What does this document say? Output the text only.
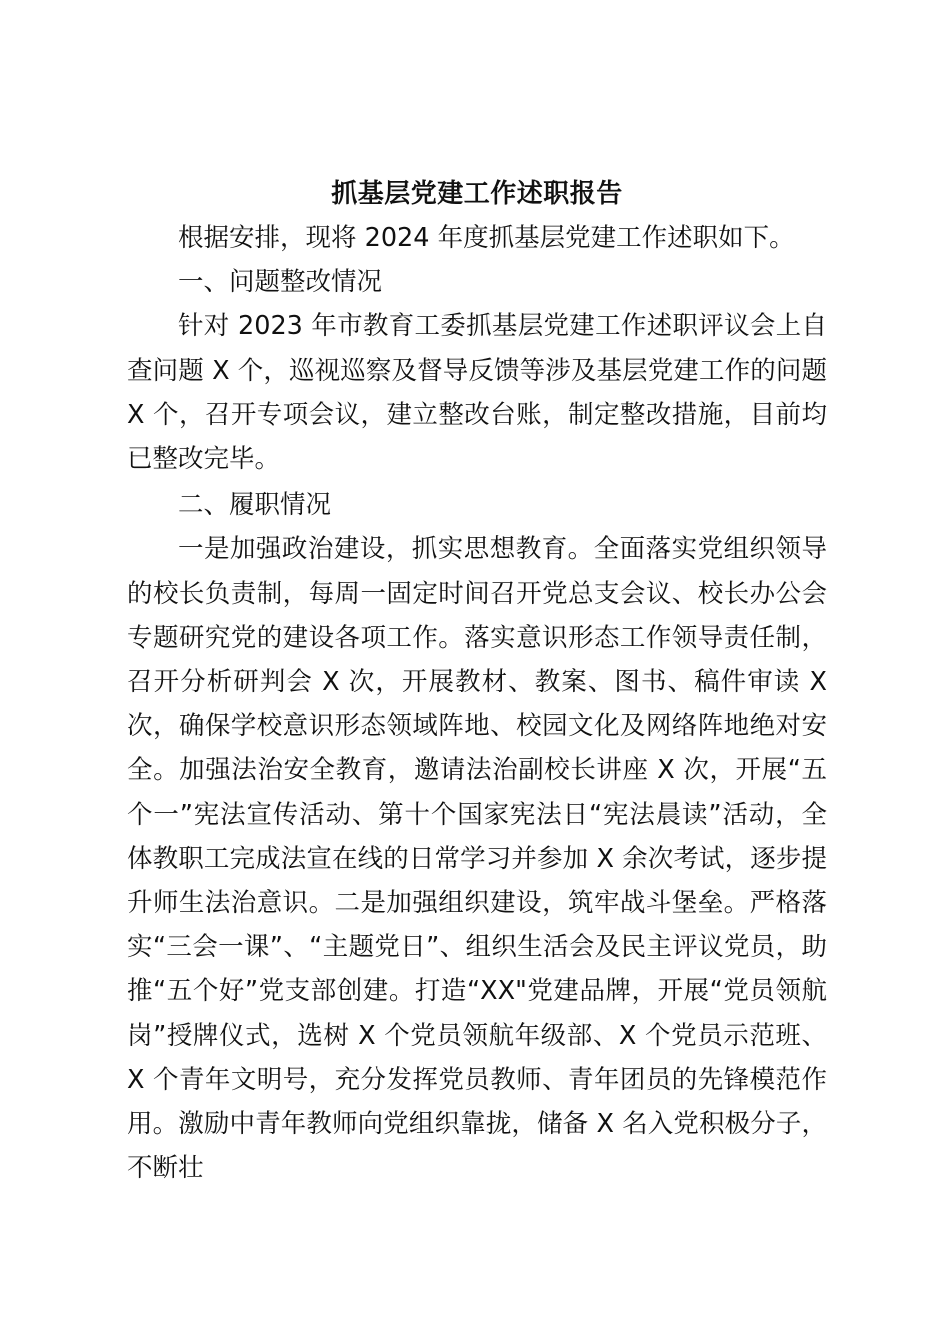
抓基层党建工作述职报告

根据安排，现将 2024 年度抓基层党建工作述职如下。

一、问题整改情况

针对 2023 年市教育工委抓基层党建工作述职评议会上自查问题 X 个，巡视巡察及督导反馈等涉及基层党建工作的问题 X 个，召开专项会议，建立整改台账，制定整改措施，目前均已整改完毕。

二、履职情况

一是加强政治建设，抓实思想教育。全面落实党组织领导的校长负责制，每周一固定时间召开党总支会议、校长办公会专题研究党的建设各项工作。落实意识形态工作领导责任制，召开分析研判会 X 次，开展教材、教案、图书、稿件审读 X 次，确保学校意识形态领域阵地、校园文化及网络阵地绝对安全。加强法治安全教育，邀请法治副校长讲座 X 次，开展“五个一”宪法宣传活动、第十个国家宪法日“宪法晨读”活动，全体教职工完成法宣在线的日常学习并参加 X 余次考试，逐步提升师生法治意识。二是加强组织建设，筑牢战斗堡垒。严格落实“三会一课”、“主题党日”、组织生活会及民主评议党员，助推“五个好”党支部创建。打造“XX"党建品牌，开展“党员领航岗”授牌仪式，选树 X 个党员领航年级部、X 个党员示范班、X 个青年文明号，充分发挥党员教师、青年团员的先锋模范作用。激励中青年教师向党组织靠拢，储备 X 名入党积极分子，不断壮
